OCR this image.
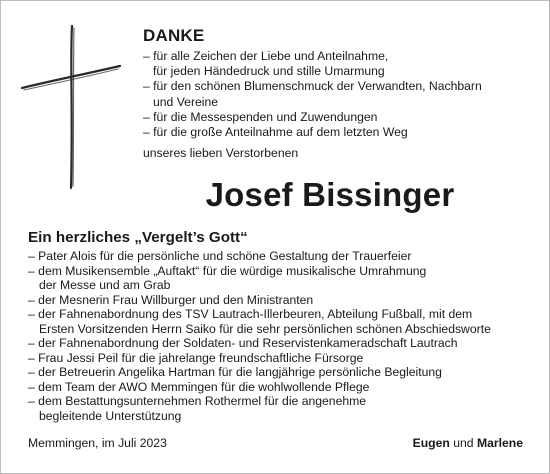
DANKE
– für alle Zeichen der Liebe und Anteilnahme,
für jeden Händedruck und stille Umarmung
– für den schönen Blumenschmuck der Verwandten, Nachbarn
und Vereine
– für die Messespenden und Zuwendungen
– für die große Anteilnahme auf dem letzten Weg
unseres lieben Verstorbenen
Josef Bissinger
Ein herzliches „Vergelt’s Gott“
– Pater Alois für die persönliche und schöne Gestaltung der Trauerfeier
– dem Musikensemble „Auftakt“ für die würdige musikalische Umrahmung
der Messe und am Grab
– der Mesnerin Frau Willburger und den Ministranten
– der Fahnenabordnung des TSV Lautrach-Illerbeuren, Abteilung Fußball, mit dem
Ersten Vorsitzenden Herrn Saiko für die sehr persönlichen schönen Abschiedsworte
– der Fahnenabordnung der Soldaten- und Reservistenkameradschaft Lautrach
– Frau Jessi Peil für die jahrelange freundschaftliche Fürsorge
– der Betreuerin Angelika Hartman für die langjährige persönliche Begleitung
– dem Team der AWO Memmingen für die wohlwollende Pflege
– dem Bestattungsunternehmen Rothermel für die angenehme
begleitende Unterstützung
Memmingen, im Juli 2023	Eugen und Marlene
